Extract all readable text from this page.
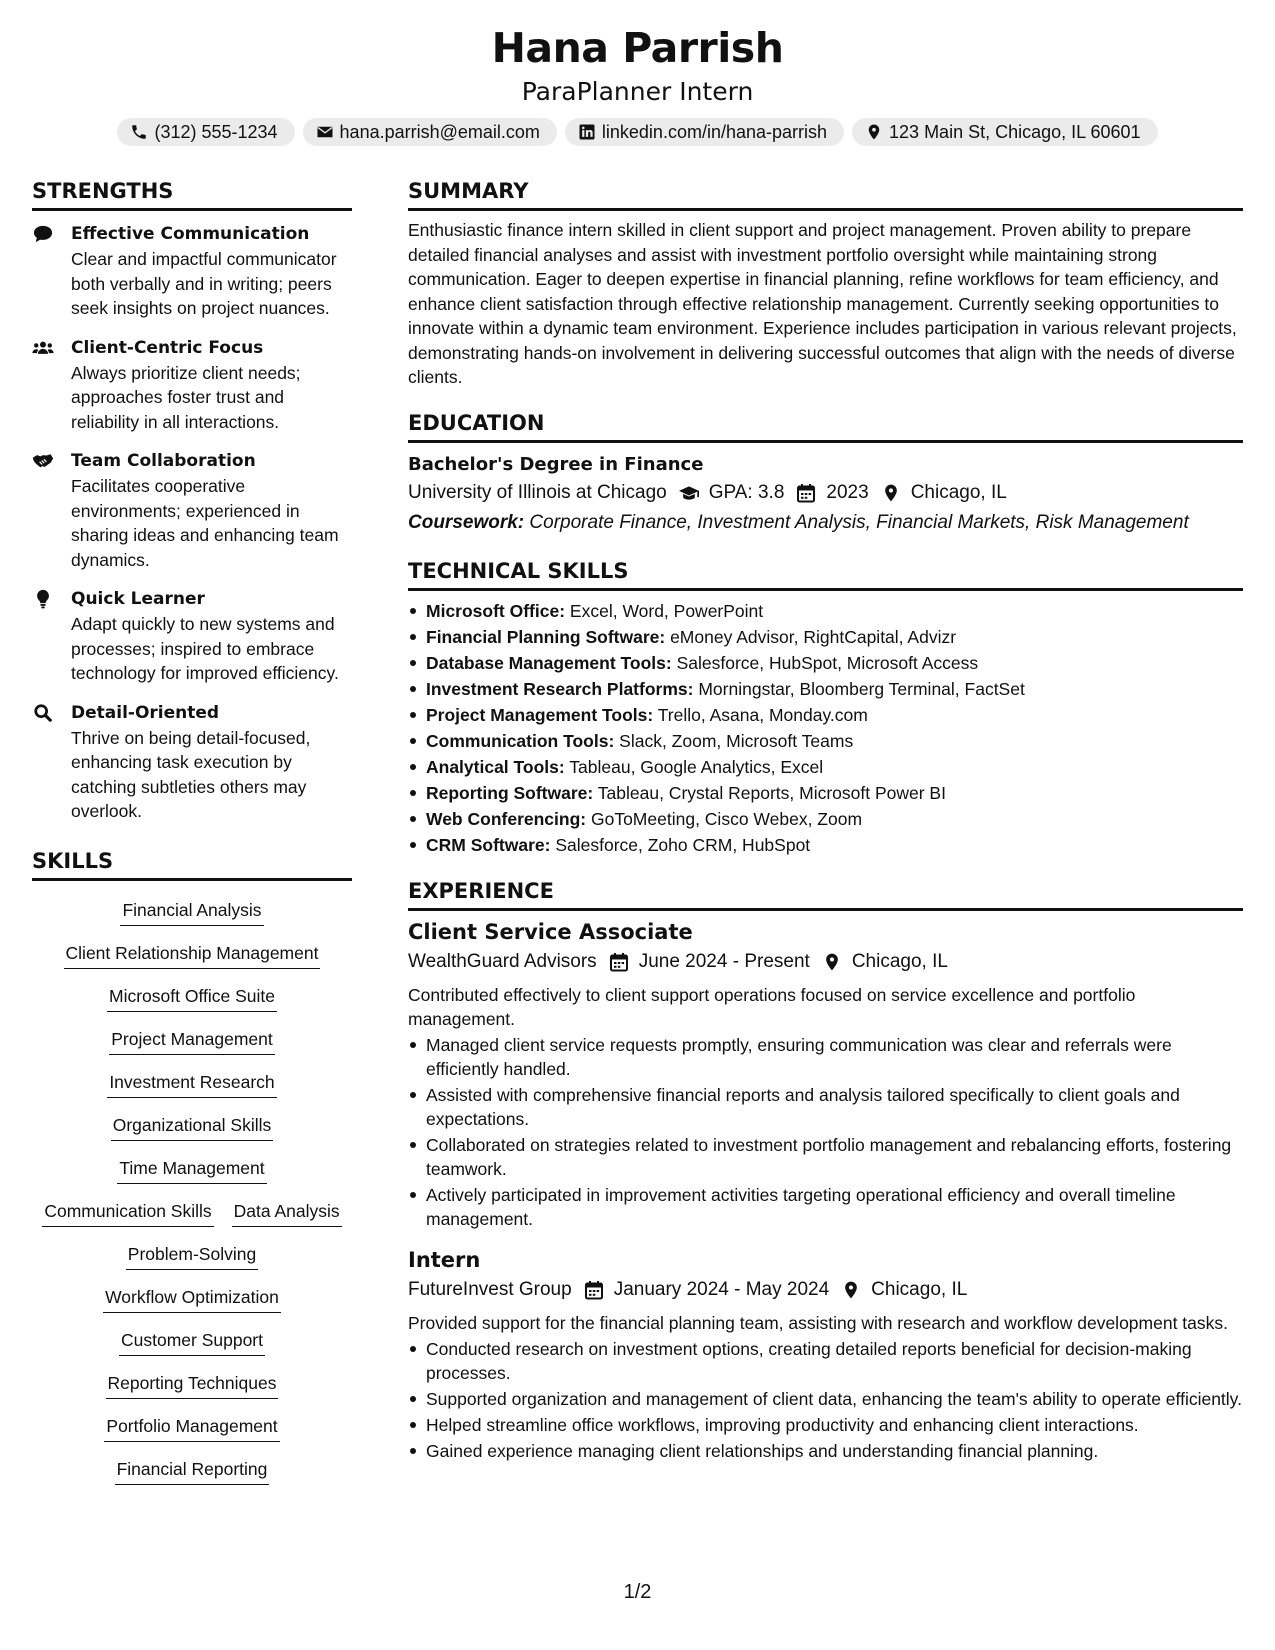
Hana Parrish
ParaPlanner Intern
(312) 555-1234	hana.parrish@email.com	linkedin.com/in/hana-parrish	123 Main St, Chicago, IL 60601
STRENGTHS
Effective Communication
Clear and impactful communicator both verbally and in writing; peers seek insights on project nuances.
Client-Centric Focus
Always prioritize client needs; approaches foster trust and reliability in all interactions.
Team Collaboration
Facilitates cooperative environments; experienced in sharing ideas and enhancing team dynamics.
Quick Learner
Adapt quickly to new systems and processes; inspired to embrace technology for improved efficiency.
Detail-Oriented
Thrive on being detail-focused, enhancing task execution by catching subtleties others may overlook.
SKILLS
Financial Analysis
Client Relationship Management
Microsoft Office Suite
Project Management
Investment Research
Organizational Skills
Time Management
Communication Skills Data Analysis
Problem-Solving
Workflow Optimization
Customer Support
Reporting Techniques
Portfolio Management
Financial Reporting
SUMMARY
Enthusiastic finance intern skilled in client support and project management. Proven ability to prepare detailed financial analyses and assist with investment portfolio oversight while maintaining strong communication. Eager to deepen expertise in financial planning, refine workflows for team efficiency, and enhance client satisfaction through effective relationship management. Currently seeking opportunities to innovate within a dynamic team environment. Experience includes participation in various relevant projects, demonstrating hands-on involvement in delivering successful outcomes that align with the needs of diverse clients.
EDUCATION
Bachelor's Degree in Finance
University of Illinois at Chicago GPA: 3.8 2023 Chicago, IL
Coursework: Corporate Finance, Investment Analysis, Financial Markets, Risk Management
TECHNICAL SKILLS
Microsoft Office: Excel, Word, PowerPoint
Financial Planning Software: eMoney Advisor, RightCapital, Advizr
Database Management Tools: Salesforce, HubSpot, Microsoft Access
Investment Research Platforms: Morningstar, Bloomberg Terminal, FactSet
Project Management Tools: Trello, Asana, Monday.com
Communication Tools: Slack, Zoom, Microsoft Teams
Analytical Tools: Tableau, Google Analytics, Excel
Reporting Software: Tableau, Crystal Reports, Microsoft Power BI
Web Conferencing: GoToMeeting, Cisco Webex, Zoom
CRM Software: Salesforce, Zoho CRM, HubSpot
EXPERIENCE
Client Service Associate
WealthGuard Advisors June 2024 - Present Chicago, IL
Contributed effectively to client support operations focused on service excellence and portfolio management.
Managed client service requests promptly, ensuring communication was clear and referrals were efficiently handled.
Assisted with comprehensive financial reports and analysis tailored specifically to client goals and expectations.
Collaborated on strategies related to investment portfolio management and rebalancing efforts, fostering teamwork.
Actively participated in improvement activities targeting operational efficiency and overall timeline management.
Intern
FutureInvest Group January 2024 - May 2024 Chicago, IL
Provided support for the financial planning team, assisting with research and workflow development tasks.
Conducted research on investment options, creating detailed reports beneficial for decision-making processes.
Supported organization and management of client data, enhancing the team's ability to operate efficiently.
Helped streamline office workflows, improving productivity and enhancing client interactions.
Gained experience managing client relationships and understanding financial planning.
1/2
